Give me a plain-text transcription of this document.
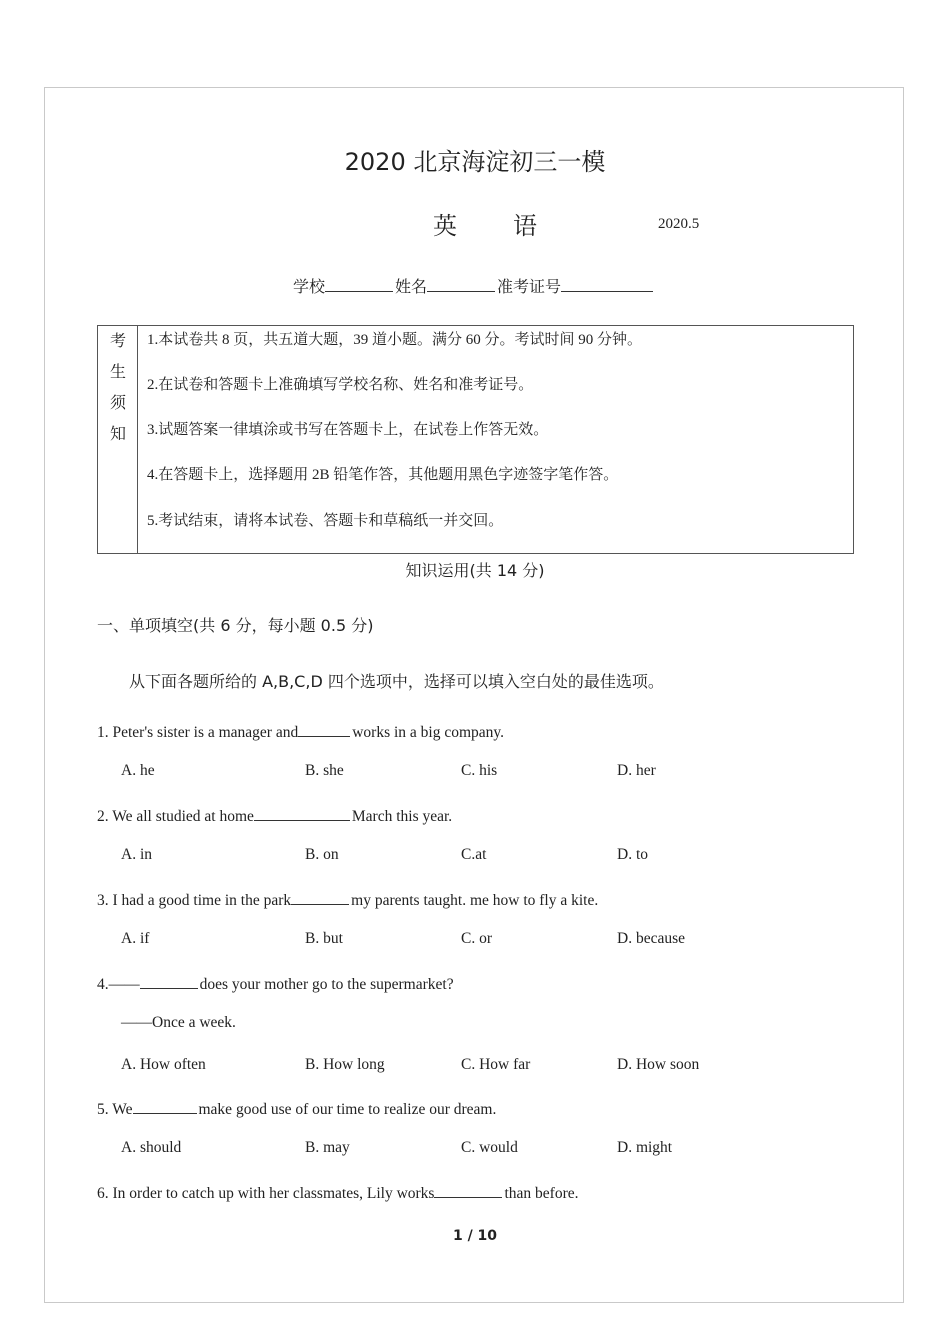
2020 北京海淀初三一模
英语	2020.5
学校	姓名	准考证号
考
生
须
知
1.本试卷共 8 页，共五道大题，39 道小题。满分 60 分。考试时间 90 分钟。
2.在试卷和答题卡上准确填写学校名称、姓名和准考证号。
3.试题答案一律填涂或书写在答题卡上，在试卷上作答无效。
4.在答题卡上，选择题用 2B 铅笔作答，其他题用黑色字迹签字笔作答。
5.考试结束，请将本试卷、答题卡和草稿纸一并交回。
知识运用(共 14 分)
一、单项填空(共 6 分，每小题 0.5 分)
从下面各题所给的 A,B,C,D 四个选项中，选择可以填入空白处的最佳选项。
1. Peter's sister is a manager and	works in a big company.
A. he	B. she	C. his	D. her
2. We all studied at home	March this year.
A. in	B. on	C.at	D. to
3. I had a good time in the park	my parents taught. me how to fly a kite.
A. if	B. but	C. or	D. because
4.——	does your mother go to the supermarket?
——Once a week.
A. How often	B. How long	C. How far	D. How soon
5. We	make good use of our time to realize our dream.
A. should	B. may	C. would	D. might
6. In order to catch up with her classmates, Lily works	than before.
1 / 10
